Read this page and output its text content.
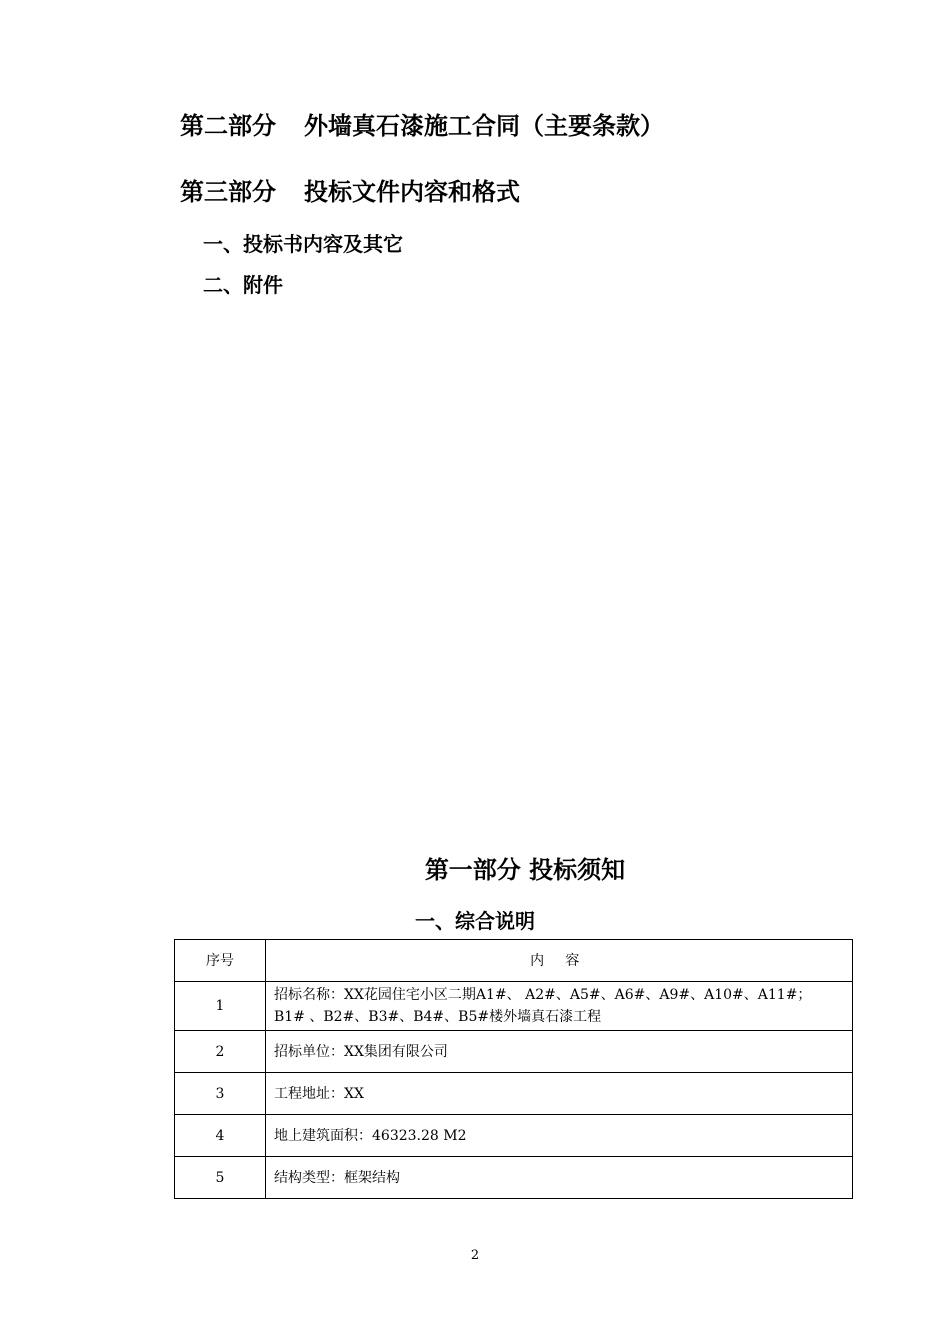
第二部分 外墙真石漆施工合同（主要条款）
第三部分 投标文件内容和格式
一、投标书内容及其它
二、附件
第一部分 投标须知
一、综合说明
序号	内 容
1	招标名称：XX花园住宅小区二期A1#、 A2#、A5#、A6#、A9#、A10#、A11#；
B1# 、B2#、B3#、B4#、B5#楼外墙真石漆工程

2	招标单位：XX集团有限公司
3	工程地址：XX
4	地上建筑面积：46323.28 M2
5	结构类型：框架结构
2
